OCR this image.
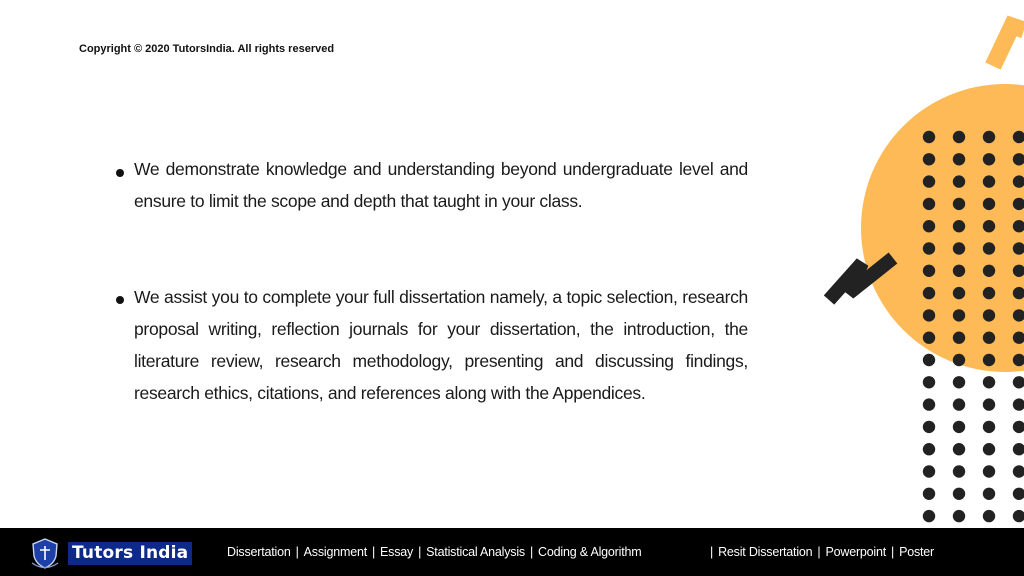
Copyright © 2020 TutorsIndia. All rights reserved
We demonstrate knowledge and understanding beyond undergraduate level and ensure to limit the scope and depth that taught in your class.
We assist you to complete your full dissertation namely, a topic selection, research proposal writing, reflection journals for your dissertation, the introduction, the literature review, research methodology, presenting and discussing findings, research ethics, citations, and references along with the Appendices.
Tutors India	Dissertation | Assignment | Essay | Statistical Analysis | Coding & Algorithm	| Resit Dissertation | Powerpoint | Poster
